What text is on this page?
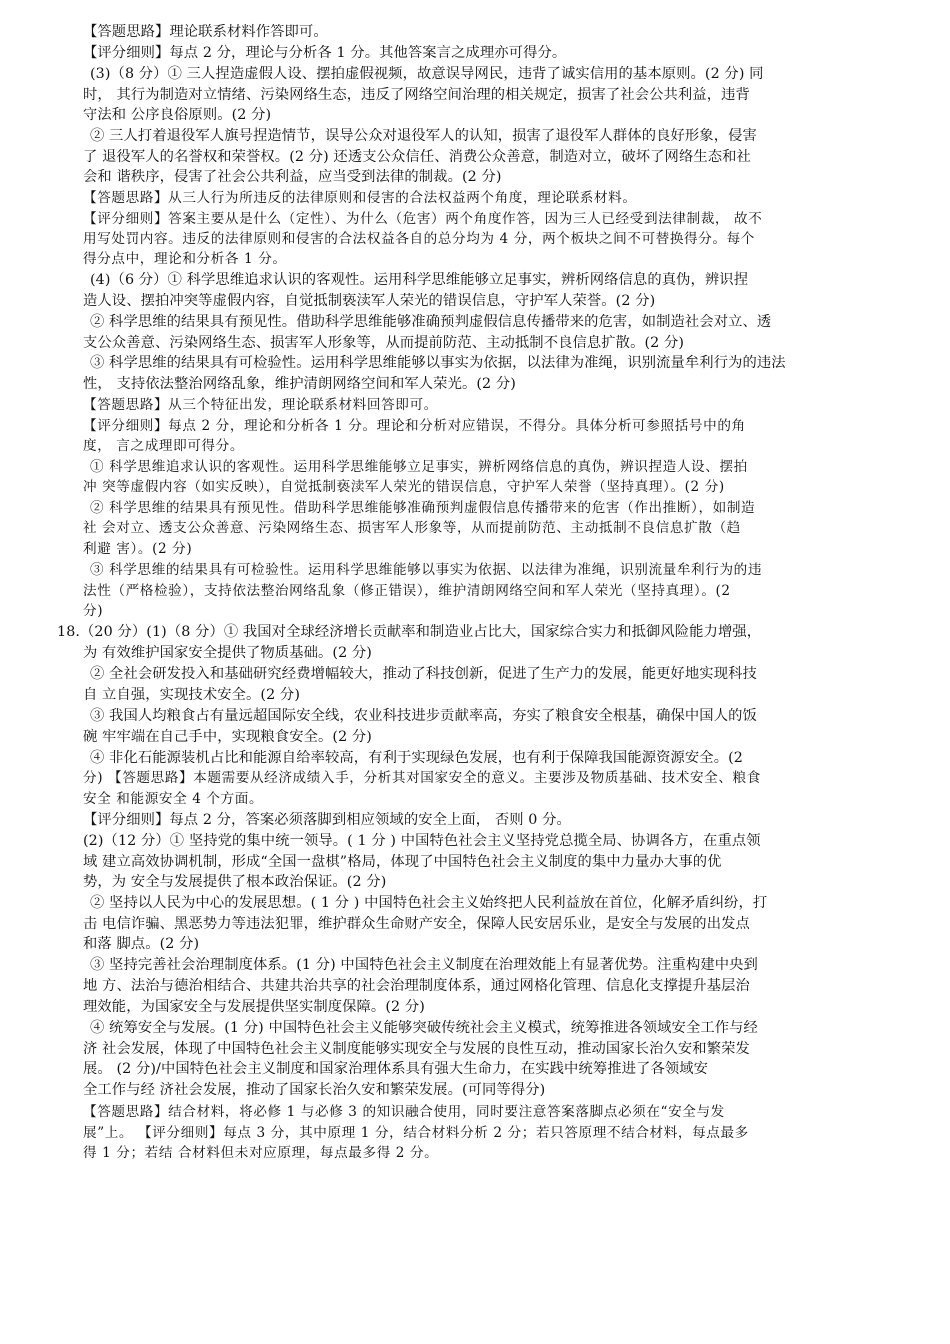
【答题思路】理论联系材料作答即可。
【评分细则】每点 2 分，理论与分析各 1 分。其他答案言之成理亦可得分。
(3)（8 分）① 三人捏造虚假人设、摆拍虚假视频，故意误导网民，违背了诚实信用的基本原则。(2 分) 同
时， 其行为制造对立情绪、污染网络生态，违反了网络空间治理的相关规定，损害了社会公共利益，违背
守法和 公序良俗原则。(2 分)
② 三人打着退役军人旗号捏造情节，误导公众对退役军人的认知，损害了退役军人群体的良好形象，侵害
了 退役军人的名誉权和荣誉权。(2 分) 还透支公众信任、消费公众善意，制造对立，破坏了网络生态和社
会和 谐秩序，侵害了社会公共利益，应当受到法律的制裁。(2 分)
【答题思路】从三人行为所违反的法律原则和侵害的合法权益两个角度，理论联系材料。
【评分细则】答案主要从是什么（定性）、为什么（危害）两个角度作答，因为三人已经受到法律制裁， 故不
用写处罚内容。违反的法律原则和侵害的合法权益各自的总分均为 4 分，两个板块之间不可替换得分。每个
得分点中，理论和分析各 1 分。
(4)（6 分）① 科学思维追求认识的客观性。运用科学思维能够立足事实，辨析网络信息的真伪，辨识捏
造人设、摆拍冲突等虚假内容，自觉抵制亵渎军人荣光的错误信息，守护军人荣誉。(2 分)
② 科学思维的结果具有预见性。借助科学思维能够准确预判虚假信息传播带来的危害，如制造社会对立、透
支公众善意、污染网络生态、损害军人形象等，从而提前防范、主动抵制不良信息扩散。(2 分)
③ 科学思维的结果具有可检验性。运用科学思维能够以事实为依据，以法律为准绳，识别流量牟利行为的违法
性， 支持依法整治网络乱象，维护清朗网络空间和军人荣光。(2 分)
【答题思路】从三个特征出发，理论联系材料回答即可。
【评分细则】每点 2 分，理论和分析各 1 分。理论和分析对应错误，不得分。具体分析可参照括号中的角
度， 言之成理即可得分。
① 科学思维追求认识的客观性。运用科学思维能够立足事实，辨析网络信息的真伪，辨识捏造人设、摆拍
冲 突等虚假内容（如实反映），自觉抵制亵渎军人荣光的错误信息，守护军人荣誉（坚持真理）。(2 分)
② 科学思维的结果具有预见性。借助科学思维能够准确预判虚假信息传播带来的危害（作出推断），如制造
社 会对立、透支公众善意、污染网络生态、损害军人形象等，从而提前防范、主动抵制不良信息扩散（趋
利避 害）。(2 分)
③ 科学思维的结果具有可检验性。运用科学思维能够以事实为依据、以法律为准绳，识别流量牟利行为的违
法性（严格检验），支持依法整治网络乱象（修正错误），维护清朗网络空间和军人荣光（坚持真理）。(2
分)
18.（20 分）(1)（8 分）① 我国对全球经济增长贡献率和制造业占比大，国家综合实力和抵御风险能力增强，
为 有效维护国家安全提供了物质基础。(2 分)
② 全社会研发投入和基础研究经费增幅较大，推动了科技创新，促进了生产力的发展，能更好地实现科技
自 立自强，实现技术安全。(2 分)
③ 我国人均粮食占有量远超国际安全线，农业科技进步贡献率高，夯实了粮食安全根基，确保中国人的饭
碗 牢牢端在自己手中，实现粮食安全。(2 分)
④ 非化石能源装机占比和能源自给率较高，有利于实现绿色发展，也有利于保障我国能源资源安全。(2
分) 【答题思路】本题需要从经济成绩入手，分析其对国家安全的意义。主要涉及物质基础、技术安全、粮食
安全 和能源安全 4 个方面。
【评分细则】每点 2 分，答案必须落脚到相应领域的安全上面， 否则 0 分。
(2)（12 分）① 坚持党的集中统一领导。( 1 分 ) 中国特色社会主义坚持党总揽全局、协调各方，在重点领
域 建立高效协调机制，形成“全国一盘棋”格局，体现了中国特色社会主义制度的集中力量办大事的优
势，为 安全与发展提供了根本政治保证。(2 分)
② 坚持以人民为中心的发展思想。( 1 分 ) 中国特色社会主义始终把人民利益放在首位，化解矛盾纠纷，打
击 电信诈骗、黑恶势力等违法犯罪，维护群众生命财产安全，保障人民安居乐业，是安全与发展的出发点
和落 脚点。(2 分)
③ 坚持完善社会治理制度体系。(1 分) 中国特色社会主义制度在治理效能上有显著优势。注重构建中央到
地 方、法治与德治相结合、共建共治共享的社会治理制度体系，通过网格化管理、信息化支撑提升基层治
理效能，为国家安全与发展提供坚实制度保障。(2 分)
④ 统筹安全与发展。(1 分) 中国特色社会主义能够突破传统社会主义模式，统筹推进各领域安全工作与经
济 社会发展，体现了中国特色社会主义制度能够实现安全与发展的良性互动，推动国家长治久安和繁荣发
展。 (2 分)/中国特色社会主义制度和国家治理体系具有强大生命力，在实践中统筹推进了各领域安
全工作与经 济社会发展，推动了国家长治久安和繁荣发展。(可同等得分)
【答题思路】结合材料，将必修 1 与必修 3 的知识融合使用，同时要注意答案落脚点必须在“安全与发
展”上。 【评分细则】每点 3 分，其中原理 1 分，结合材料分析 2 分；若只答原理不结合材料，每点最多
得 1 分；若结 合材料但未对应原理，每点最多得 2 分。
